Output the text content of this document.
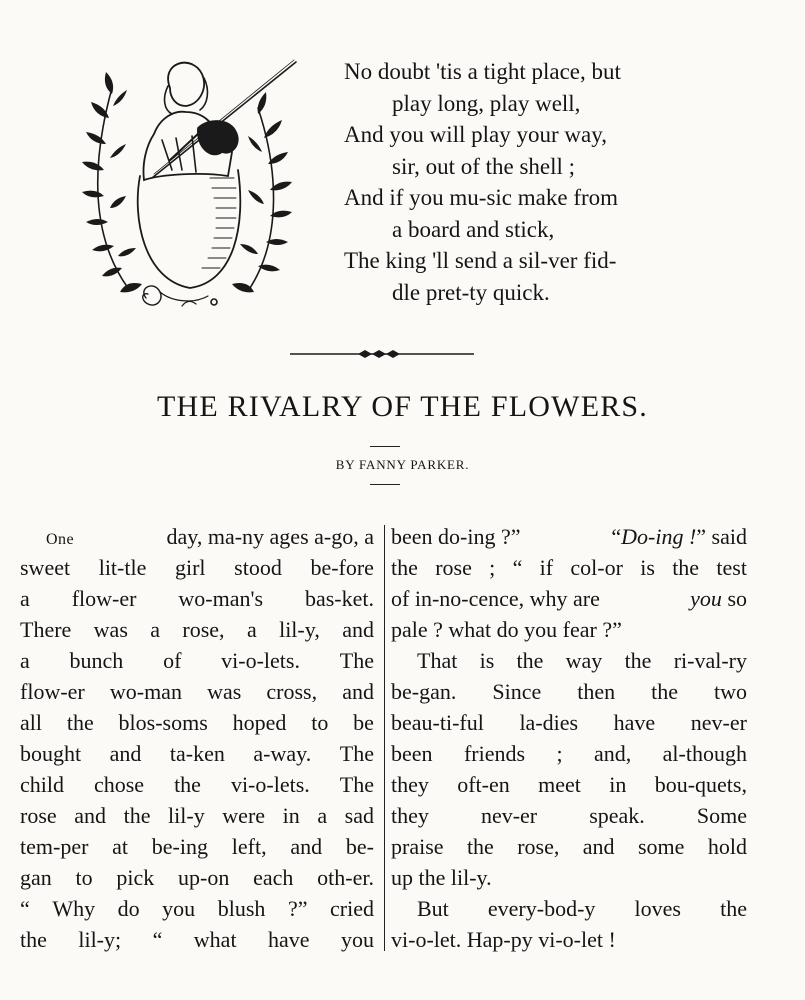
No doubt 'tis a tight place, but
play long, play well,
And you will play your way,
sir, out of the shell ;
And if you mu-sic make from
a board and stick,
The king 'll send a sil-ver fid-
dle pret-ty quick.
THE RIVALRY OF THE FLOWERS.
BY FANNY PARKER.
One	day, ma-ny ages a-go, a
sweet lit-tle girl stood be-fore
a flow-er wo-man's bas-ket.
There was a rose, a lil-y, and
a bunch of vi-o-lets. The
flow-er wo-man was cross, and
all the blos-soms hoped to be
bought and ta-ken a-way. The
child chose the vi-o-lets. The
rose and the lil-y were in a sad
tem-per at be-ing left, and be-
gan to pick up-on each oth-er.
“ Why do you blush ?” cried
the lil-y; “ what have you
been do-ing ?”	“Do-ing !” said
the rose ; “ if col-or is the test
of in-no-cence, why are	you so
pale ? what do you fear ?”
That is the way the ri-val-ry
be-gan. Since then the two
beau-ti-ful la-dies have nev-er
been friends ; and, al-though
they oft-en meet in bou-quets,
they nev-er speak. Some
praise the rose, and some hold
up the lil-y.
But every-bod-y loves the
vi-o-let. Hap-py vi-o-let !
